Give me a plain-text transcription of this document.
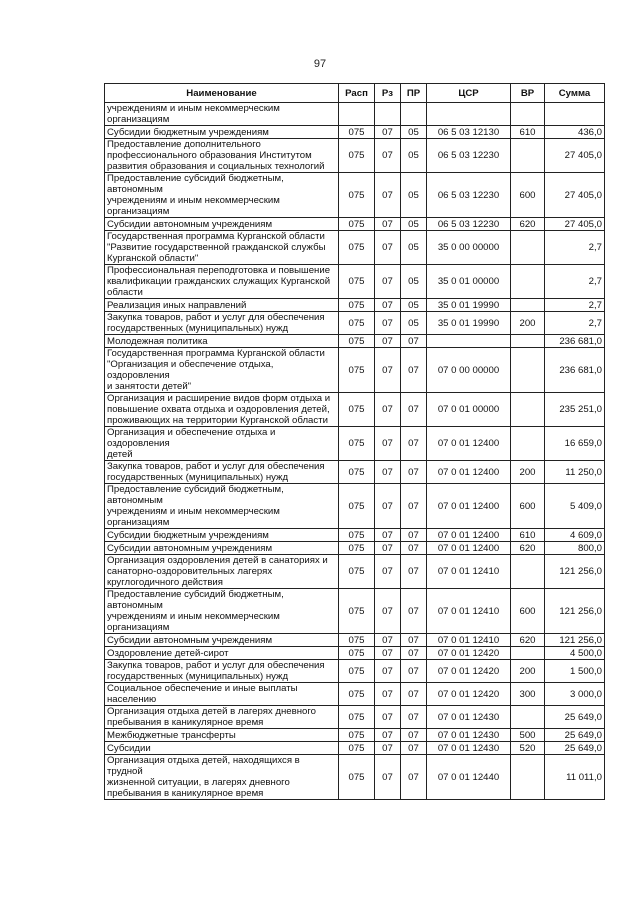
97
Наименование	Расп	Рз	ПР	ЦСР	ВР	Сумма
учреждениям и иным некоммерческим
организациям						
Субсидии бюджетным учреждениям	075	07	05	06 5 03 12130	610	436,0
Предоставление дополнительного
профессионального образования Институтом
развития образования и социальных технологий	075	07	05	06 5 03 12230		27 405,0
Предоставление субсидий бюджетным, автономным
учреждениям и иным некоммерческим
организациям	075	07	05	06 5 03 12230	600	27 405,0
Субсидии автономным учреждениям	075	07	05	06 5 03 12230	620	27 405,0
Государственная программа Курганской области
"Развитие государственной гражданской службы
Курганской области"	075	07	05	35 0 00 00000		2,7
Профессиональная переподготовка и повышение
квалификации гражданских служащих Курганской
области	075	07	05	35 0 01 00000		2,7
Реализация иных направлений	075	07	05	35 0 01 19990		2,7
Закупка товаров, работ и услуг для обеспечения
государственных (муниципальных) нужд	075	07	05	35 0 01 19990	200	2,7
Молодежная политика	075	07	07			236 681,0
Государственная программа Курганской области
"Организация и обеспечение отдыха, оздоровления
и занятости детей"	075	07	07	07 0 00 00000		236 681,0
Организация и расширение видов форм отдыха и
повышение охвата отдыха и оздоровления детей,
проживающих на территории Курганской области	075	07	07	07 0 01 00000		235 251,0
Организация и обеспечение отдыха и оздоровления
детей	075	07	07	07 0 01 12400		16 659,0
Закупка товаров, работ и услуг для обеспечения
государственных (муниципальных) нужд	075	07	07	07 0 01 12400	200	11 250,0
Предоставление субсидий бюджетным, автономным
учреждениям и иным некоммерческим
организациям	075	07	07	07 0 01 12400	600	5 409,0
Субсидии бюджетным учреждениям	075	07	07	07 0 01 12400	610	4 609,0
Субсидии автономным учреждениям	075	07	07	07 0 01 12400	620	800,0
Организация оздоровления детей в санаториях и
санаторно-оздоровительных лагерях
круглогодичного действия	075	07	07	07 0 01 12410		121 256,0
Предоставление субсидий бюджетным, автономным
учреждениям и иным некоммерческим
организациям	075	07	07	07 0 01 12410	600	121 256,0
Субсидии автономным учреждениям	075	07	07	07 0 01 12410	620	121 256,0
Оздоровление детей-сирот	075	07	07	07 0 01 12420		4 500,0
Закупка товаров, работ и услуг для обеспечения
государственных (муниципальных) нужд	075	07	07	07 0 01 12420	200	1 500,0
Социальное обеспечение и иные выплаты
населению	075	07	07	07 0 01 12420	300	3 000,0
Организация отдыха детей в лагерях дневного
пребывания в каникулярное время	075	07	07	07 0 01 12430		25 649,0
Межбюджетные трансферты	075	07	07	07 0 01 12430	500	25 649,0
Субсидии	075	07	07	07 0 01 12430	520	25 649,0
Организация отдыха детей, находящихся в трудной
жизненной ситуации, в лагерях дневного
пребывания в каникулярное время	075	07	07	07 0 01 12440		11 011,0
